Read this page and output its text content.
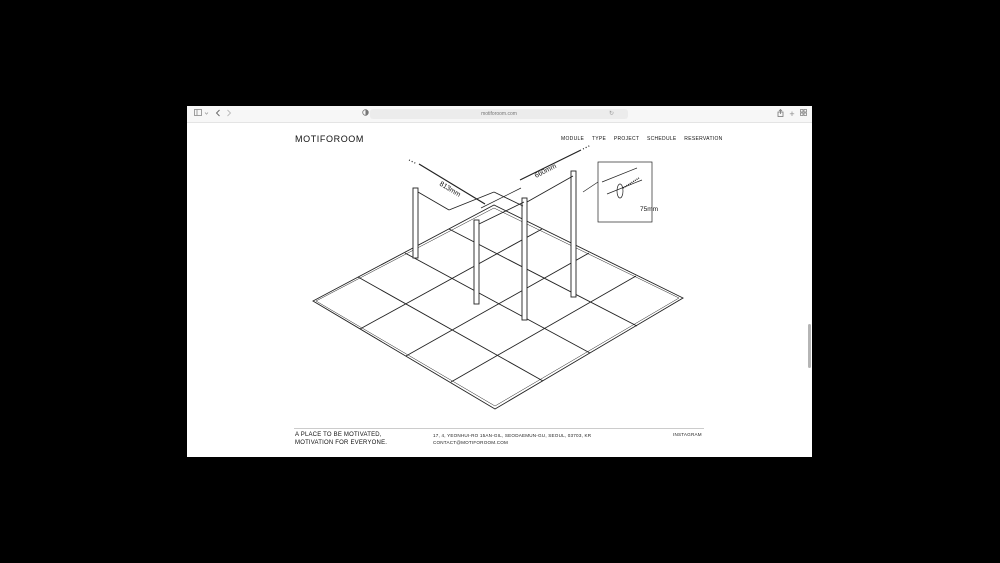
motiforoom.com	↻	+
MOTIFOROOM	MODULE TYPE PROJECT SCHEDULE RESERVATION
813mm
660mm
75mm
A PLACE TO BE MOTIVATED,
MOTIVATION FOR EVERYONE.
17, 4, YEONHUI-RO 15AN-GIL, SEODAEMUN-GU, SEOUL, 03703, KR
CONTACT@MOTIFOROOM.COM
INSTAGRAM
